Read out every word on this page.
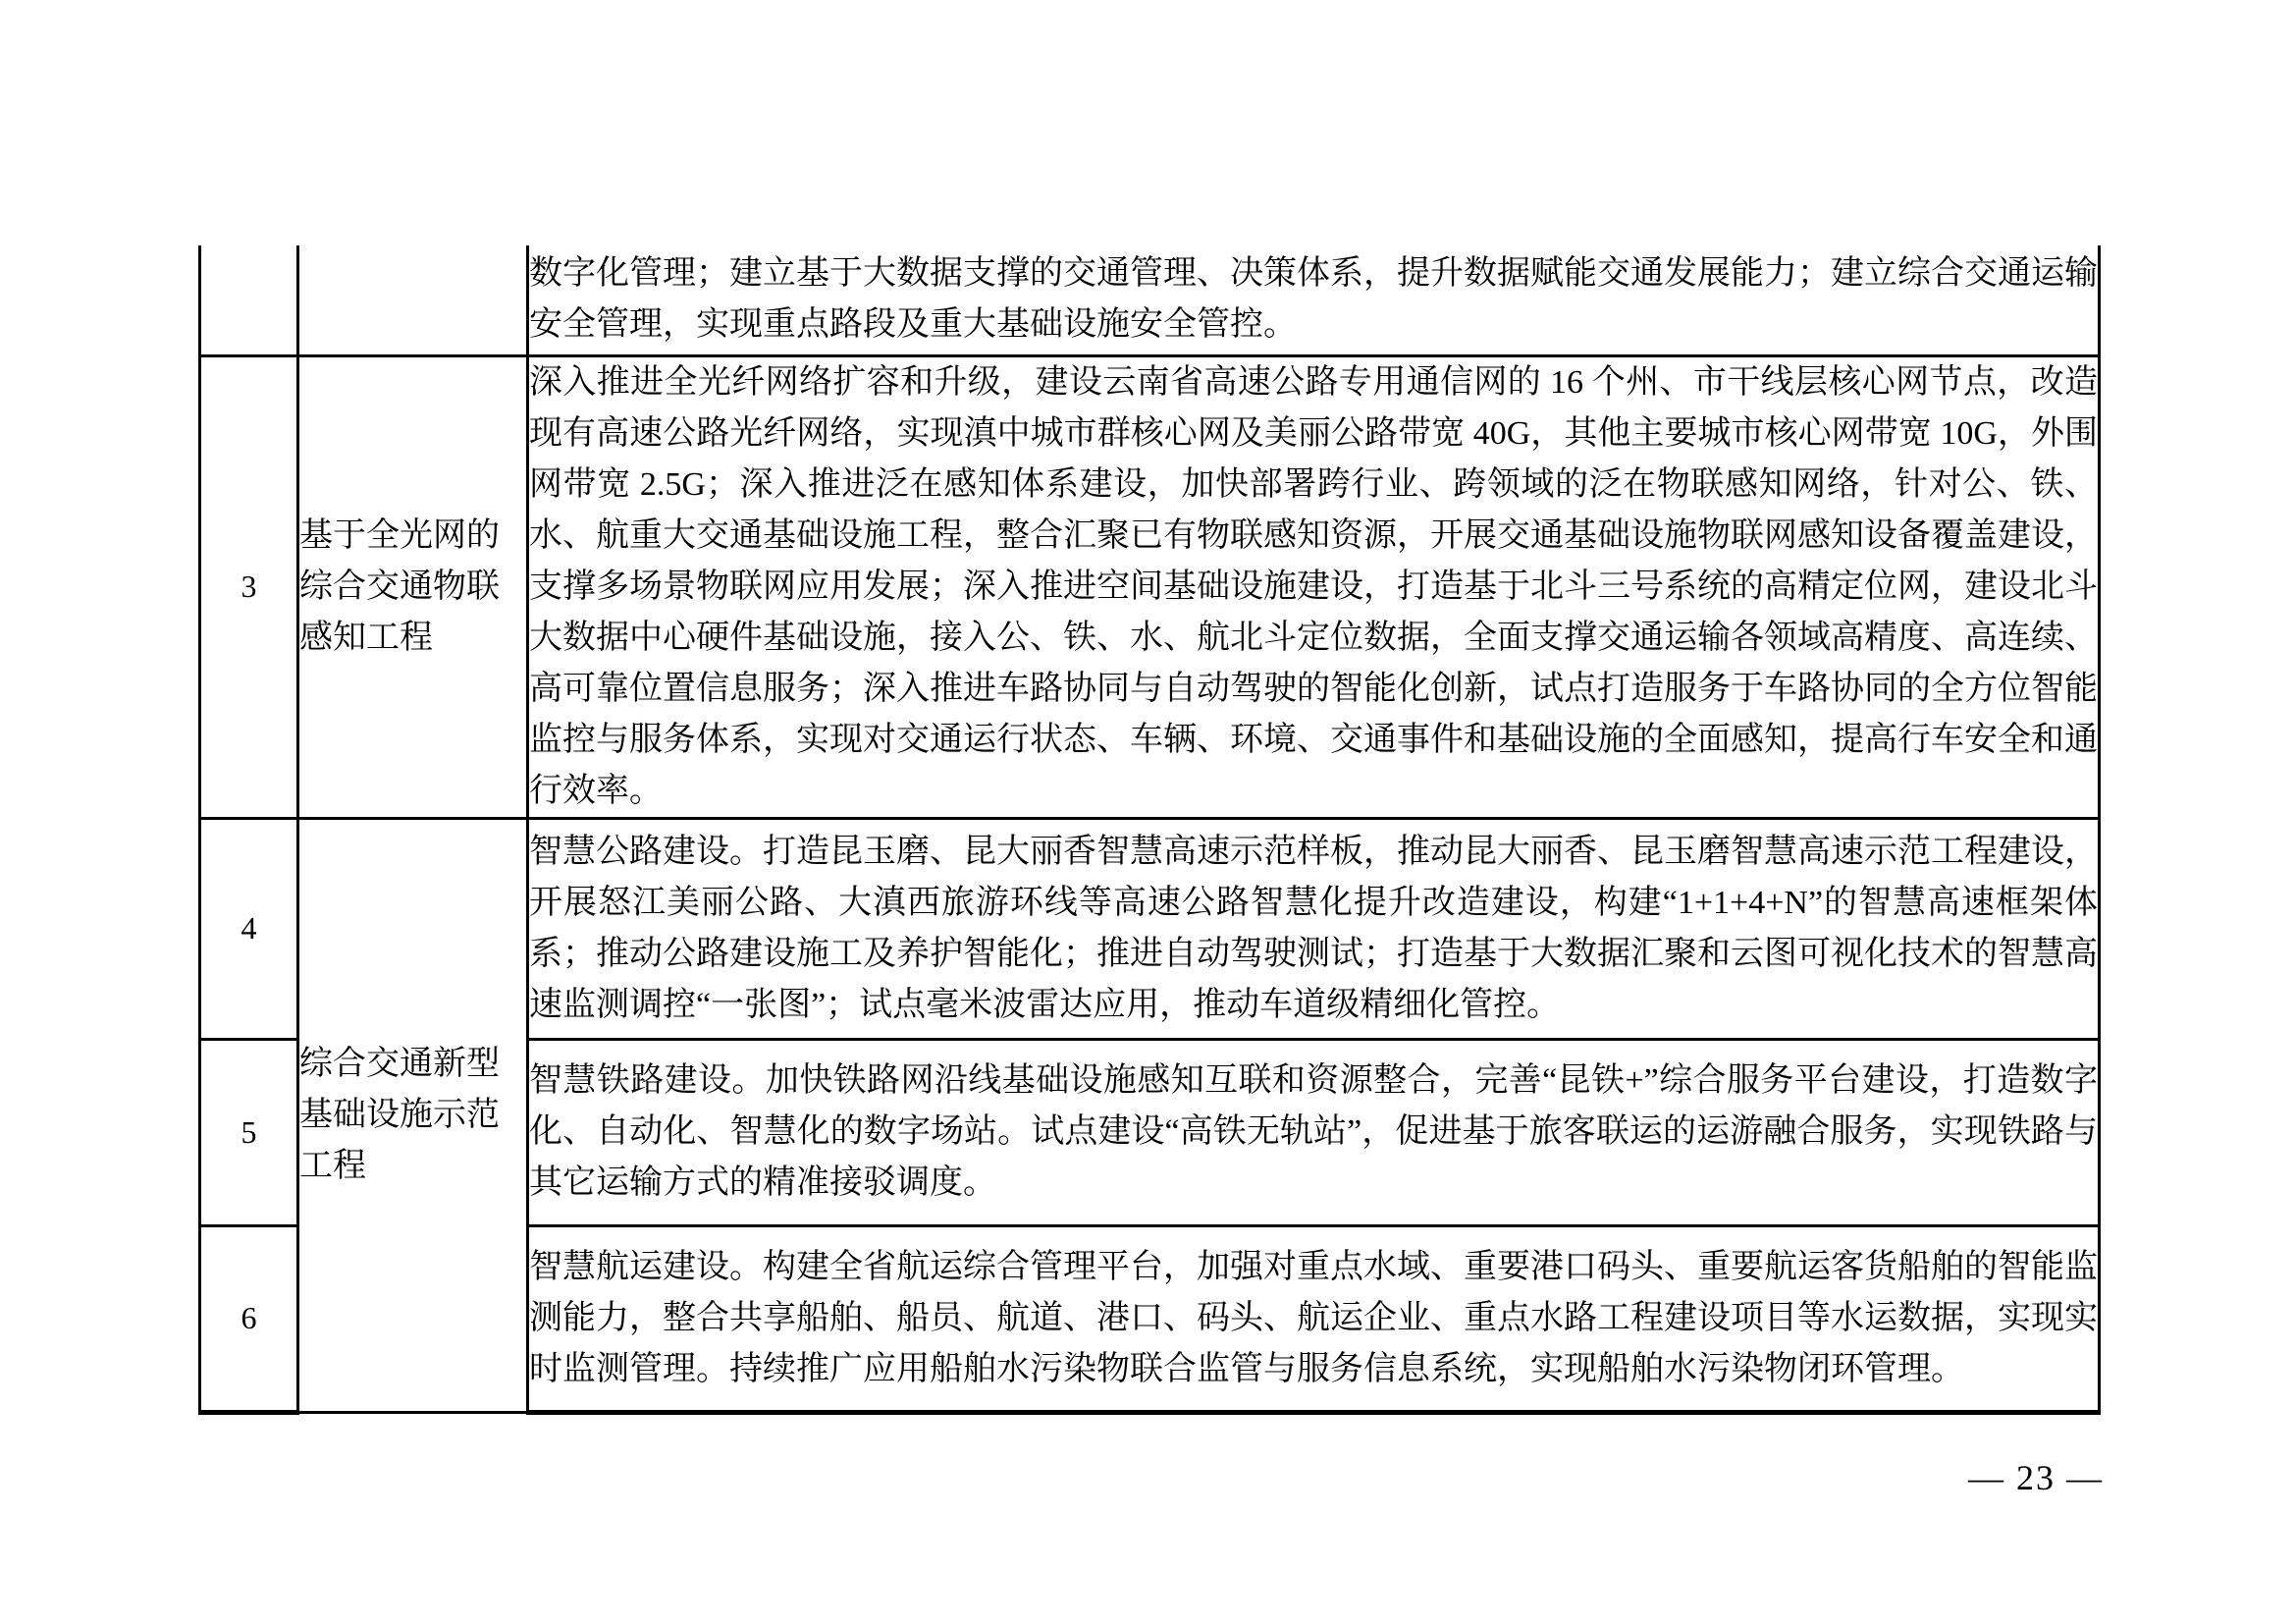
		数字化管理；建立基于大数据支撑的交通管理、决策体系，提升数据赋能交通发展能力；建立综合交通运输安全管理，实现重点路段及重大基础设施安全管控。
3	基于全光网的综合交通物联感知工程	深入推进全光纤网络扩容和升级，建设云南省高速公路专用通信网的 16 个州、市干线层核心网节点，改造现有高速公路光纤网络，实现滇中城市群核心网及美丽公路带宽 40G，其他主要城市核心网带宽 10G，外围网带宽 2.5G；深入推进泛在感知体系建设，加快部署跨行业、跨领域的泛在物联感知网络，针对公、铁、水、航重大交通基础设施工程，整合汇聚已有物联感知资源，开展交通基础设施物联网感知设备覆盖建设，支撑多场景物联网应用发展；深入推进空间基础设施建设，打造基于北斗三号系统的高精定位网，建设北斗大数据中心硬件基础设施，接入公、铁、水、航北斗定位数据，全面支撑交通运输各领域高精度、高连续、高可靠位置信息服务；深入推进车路协同与自动驾驶的智能化创新，试点打造服务于车路协同的全方位智能监控与服务体系，实现对交通运行状态、车辆、环境、交通事件和基础设施的全面感知，提高行车安全和通行效率。
4	综合交通新型基础设施示范工程	智慧公路建设。打造昆玉磨、昆大丽香智慧高速示范样板，推动昆大丽香、昆玉磨智慧高速示范工程建设，开展怒江美丽公路、大滇西旅游环线等高速公路智慧化提升改造建设，构建“1+1+4+N”的智慧高速框架体系；推动公路建设施工及养护智能化；推进自动驾驶测试；打造基于大数据汇聚和云图可视化技术的智慧高速监测调控“一张图”；试点毫米波雷达应用，推动车道级精细化管控。
5		智慧铁路建设。加快铁路网沿线基础设施感知互联和资源整合，完善“昆铁+”综合服务平台建设，打造数字化、自动化、智慧化的数字场站。试点建设“高铁无轨站”，促进基于旅客联运的运游融合服务，实现铁路与其它运输方式的精准接驳调度。
6		智慧航运建设。构建全省航运综合管理平台，加强对重点水域、重要港口码头、重要航运客货船舶的智能监测能力，整合共享船舶、船员、航道、港口、码头、航运企业、重点水路工程建设项目等水运数据，实现实时监测管理。持续推广应用船舶水污染物联合监管与服务信息系统，实现船舶水污染物闭环管理。
— 23 —
